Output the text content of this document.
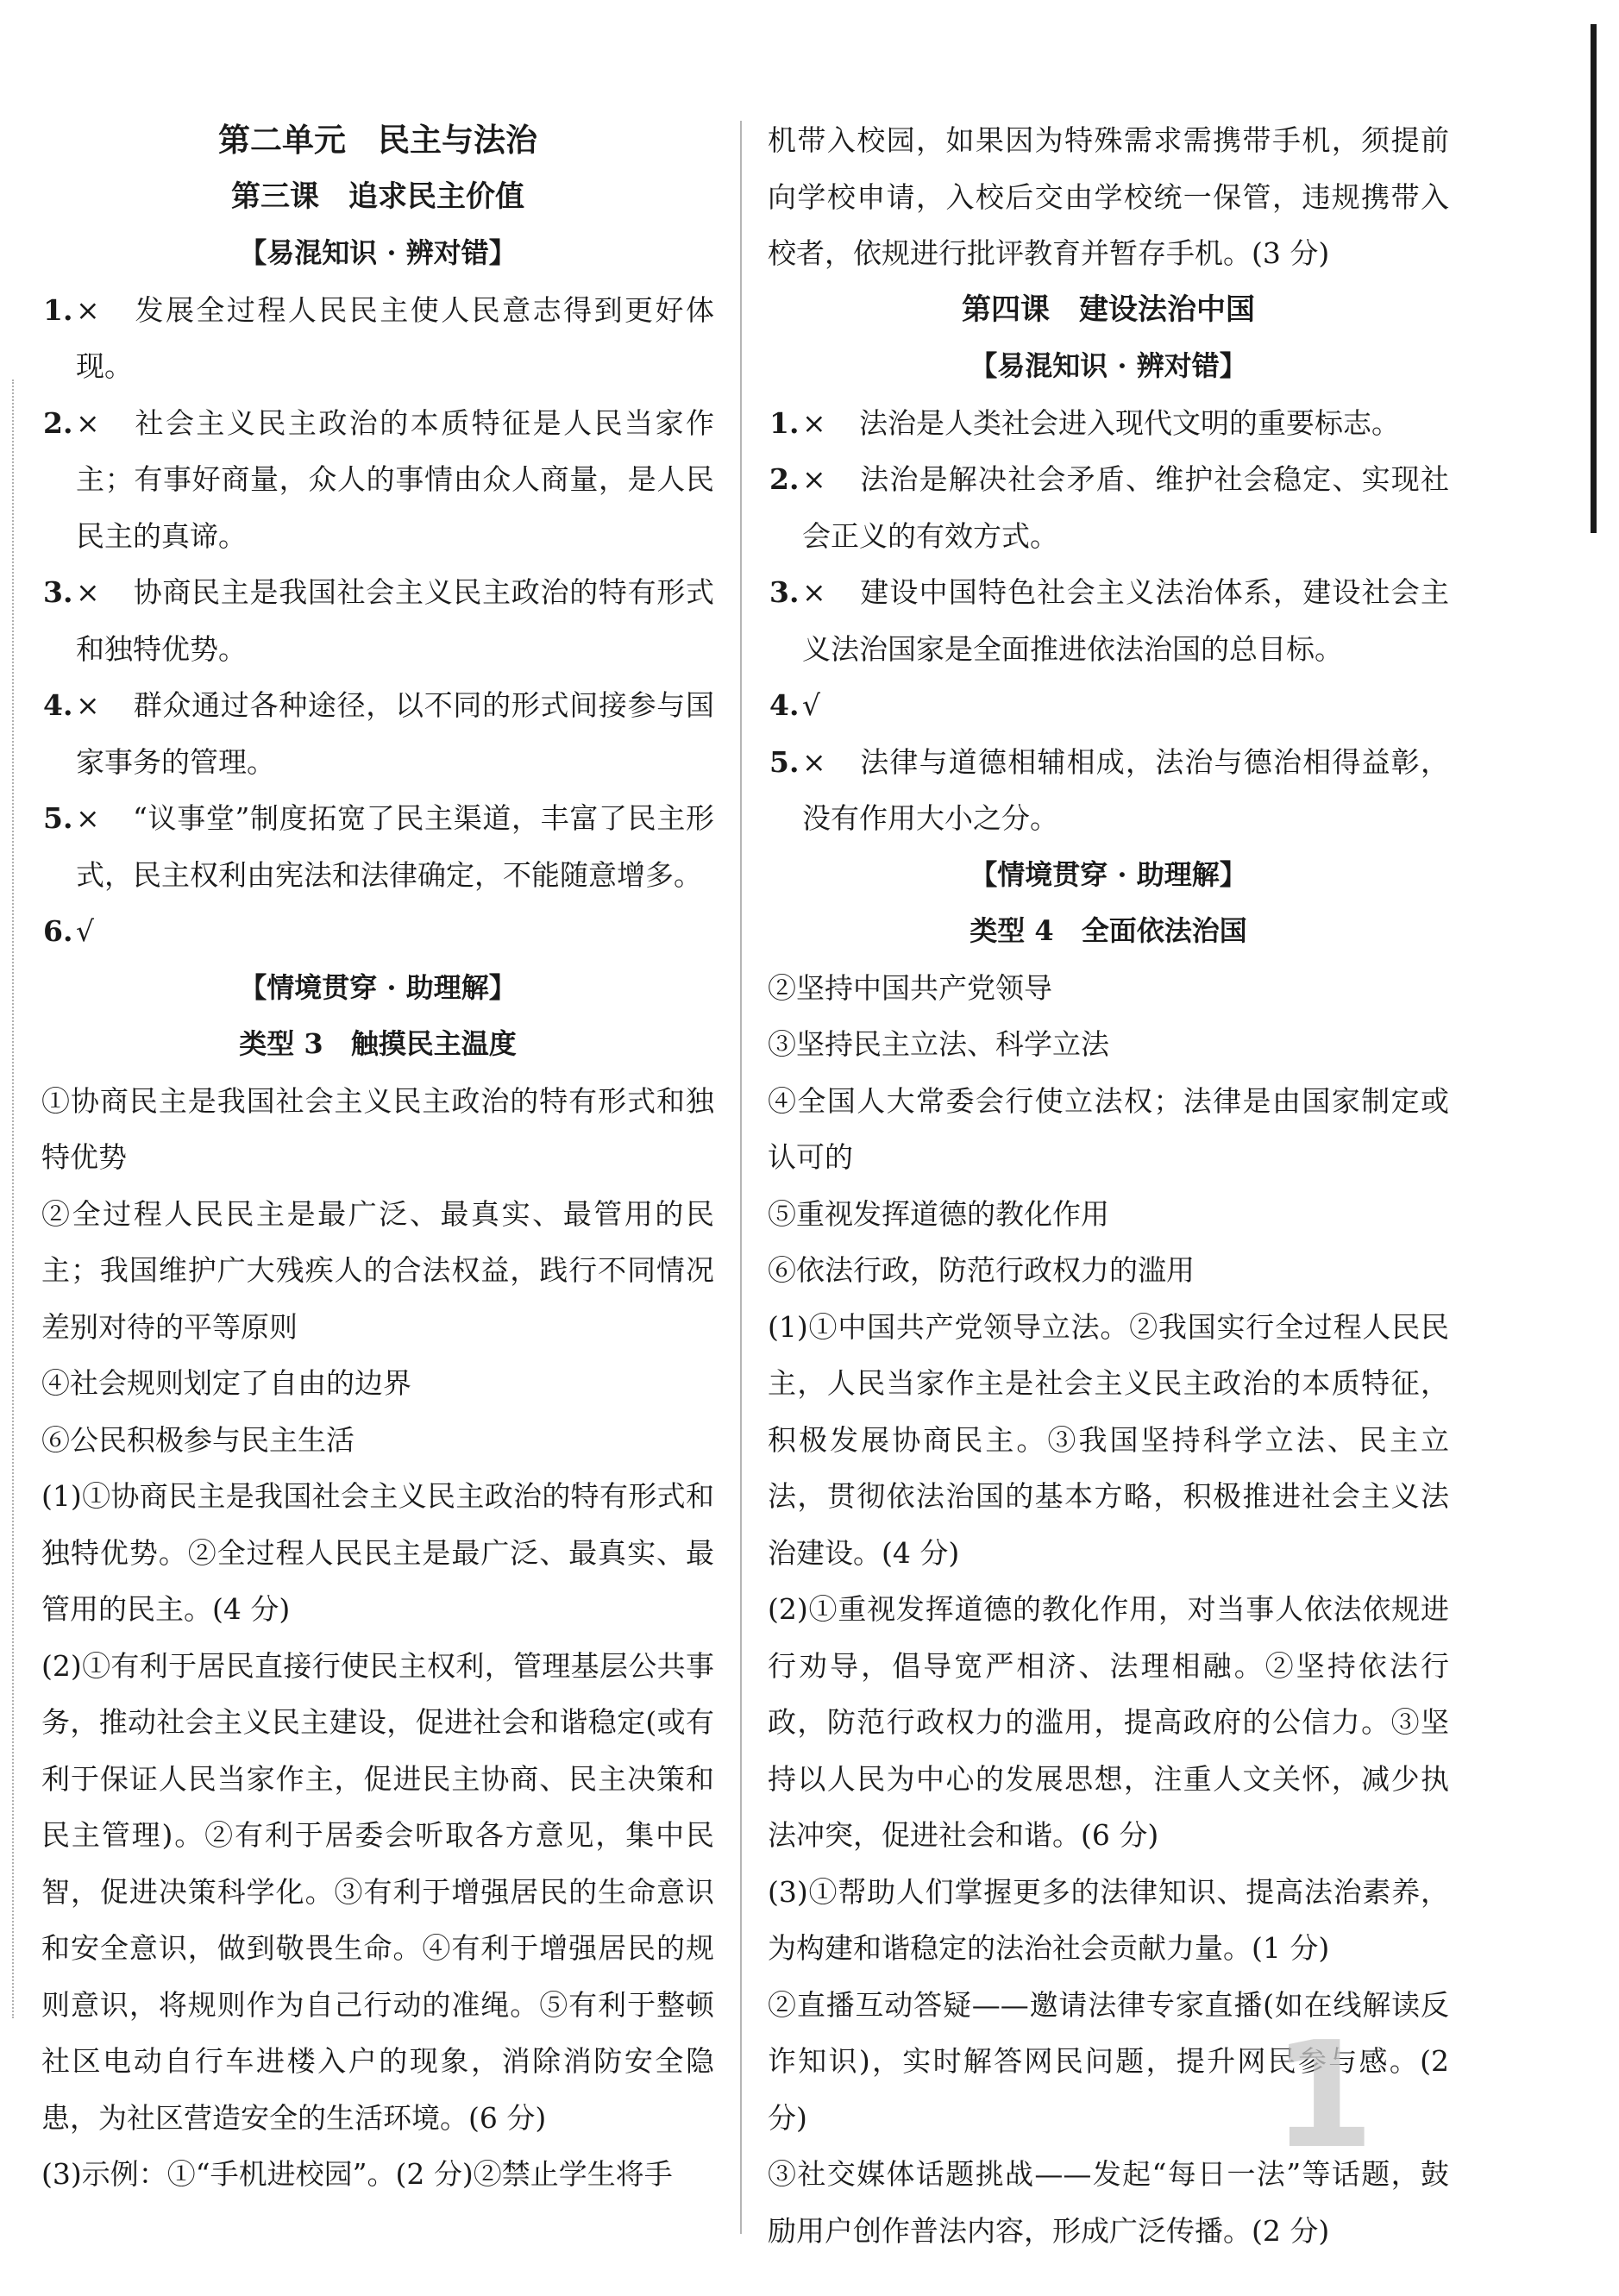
第二单元　民主与法治
第三课　追求民主价值
【易混知识 · 辨对错】
1. × 发展全过程人民民主使人民意志得到更好体现。
2. × 社会主义民主政治的本质特征是人民当家作主；有事好商量，众人的事情由众人商量，是人民民主的真谛。
3. × 协商民主是我国社会主义民主政治的特有形式和独特优势。
4. × 群众通过各种途径，以不同的形式间接参与国家事务的管理。
5. × “议事堂”制度拓宽了民主渠道，丰富了民主形式，民主权利由宪法和法律确定，不能随意增多。
6. √
【情境贯穿 · 助理解】
类型 3　触摸民主温度
①协商民主是我国社会主义民主政治的特有形式和独特优势
②全过程人民民主是最广泛、最真实、最管用的民主；我国维护广大残疾人的合法权益，践行不同情况差别对待的平等原则
④社会规则划定了自由的边界
⑥公民积极参与民主生活
(1)①协商民主是我国社会主义民主政治的特有形式和独特优势。②全过程人民民主是最广泛、最真实、最管用的民主。(4 分)
(2)①有利于居民直接行使民主权利，管理基层公共事务，推动社会主义民主建设，促进社会和谐稳定(或有利于保证人民当家作主，促进民主协商、民主决策和民主管理)。②有利于居委会听取各方意见，集中民智，促进决策科学化。③有利于增强居民的生命意识和安全意识，做到敬畏生命。④有利于增强居民的规则意识，将规则作为自己行动的准绳。⑤有利于整顿社区电动自行车进楼入户的现象，消除消防安全隐患，为社区营造安全的生活环境。(6 分)
(3)示例：①“手机进校园”。(2 分)②禁止学生将手
机带入校园，如果因为特殊需求需携带手机，须提前向学校申请，入校后交由学校统一保管，违规携带入校者，依规进行批评教育并暂存手机。(3 分)
第四课　建设法治中国
【易混知识 · 辨对错】
1. × 法治是人类社会进入现代文明的重要标志。
2. × 法治是解决社会矛盾、维护社会稳定、实现社会正义的有效方式。
3. × 建设中国特色社会主义法治体系，建设社会主义法治国家是全面推进依法治国的总目标。
4. √
5. × 法律与道德相辅相成，法治与德治相得益彰，没有作用大小之分。
【情境贯穿 · 助理解】
类型 4　全面依法治国
②坚持中国共产党领导
③坚持民主立法、科学立法
④全国人大常委会行使立法权；法律是由国家制定或认可的
⑤重视发挥道德的教化作用
⑥依法行政，防范行政权力的滥用
(1)①中国共产党领导立法。②我国实行全过程人民民主，人民当家作主是社会主义民主政治的本质特征，积极发展协商民主。③我国坚持科学立法、民主立法，贯彻依法治国的基本方略，积极推进社会主义法治建设。(4 分)
(2)①重视发挥道德的教化作用，对当事人依法依规进行劝导，倡导宽严相济、法理相融。②坚持依法行政，防范行政权力的滥用，提高政府的公信力。③坚持以人民为中心的发展思想，注重人文关怀，减少执法冲突，促进社会和谐。(6 分)
(3)①帮助人们掌握更多的法律知识、提高法治素养，为构建和谐稳定的法治社会贡献力量。(1 分)
②直播互动答疑——邀请法律专家直播(如在线解读反诈知识)，实时解答网民问题，提升网民参与感。(2 分)
③社交媒体话题挑战——发起“每日一法”等话题，鼓励用户创作普法内容，形成广泛传播。(2 分)
1
